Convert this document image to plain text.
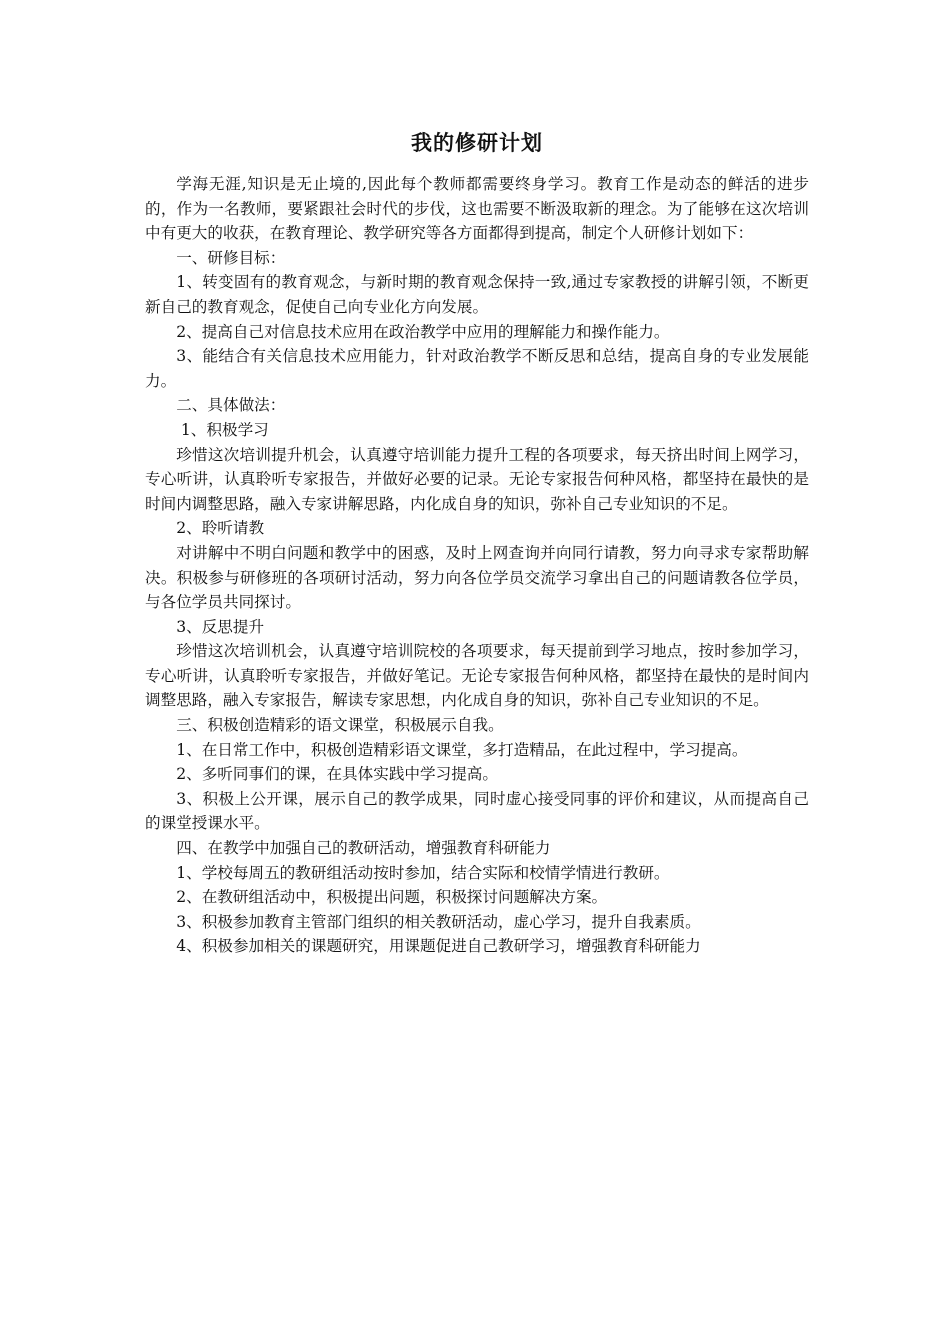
我的修研计划

学海无涯,知识是无止境的,因此每个教师都需要终身学习。教育工作是动态的鲜活的进步的，作为一名教师，要紧跟社会时代的步伐，这也需要不断汲取新的理念。为了能够在这次培训中有更大的收获，在教育理论、教学研究等各方面都得到提高，制定个人研修计划如下：

一、研修目标：

1、转变固有的教育观念，与新时期的教育观念保持一致,通过专家教授的讲解引领，不断更新自己的教育观念，促使自己向专业化方向发展。

2、提高自己对信息技术应用在政治教学中应用的理解能力和操作能力。

3、能结合有关信息技术应用能力，针对政治教学不断反思和总结，提高自身的专业发展能力。

二、具体做法：

1、积极学习

珍惜这次培训提升机会，认真遵守培训能力提升工程的各项要求，每天挤出时间上网学习，专心听讲，认真聆听专家报告，并做好必要的记录。无论专家报告何种风格，都坚持在最快的是时间内调整思路，融入专家讲解思路，内化成自身的知识，弥补自己专业知识的不足。

2、聆听请教

对讲解中不明白问题和教学中的困惑，及时上网查询并向同行请教，努力向寻求专家帮助解决。积极参与研修班的各项研讨活动，努力向各位学员交流学习拿出自己的问题请教各位学员，与各位学员共同探讨。

3、反思提升

珍惜这次培训机会，认真遵守培训院校的各项要求，每天提前到学习地点，按时参加学习，专心听讲，认真聆听专家报告，并做好笔记。无论专家报告何种风格，都坚持在最快的是时间内调整思路，融入专家报告，解读专家思想，内化成自身的知识，弥补自己专业知识的不足。

三、积极创造精彩的语文课堂，积极展示自我。

1、在日常工作中，积极创造精彩语文课堂，多打造精品，在此过程中，学习提高。

2、多听同事们的课，在具体实践中学习提高。

3、积极上公开课，展示自己的教学成果，同时虚心接受同事的评价和建议，从而提高自己的课堂授课水平。

四、在教学中加强自己的教研活动，增强教育科研能力

1、学校每周五的教研组活动按时参加，结合实际和校情学情进行教研。

2、在教研组活动中，积极提出问题，积极探讨问题解决方案。

3、积极参加教育主管部门组织的相关教研活动，虚心学习，提升自我素质。

4、积极参加相关的课题研究，用课题促进自己教研学习，增强教育科研能力
